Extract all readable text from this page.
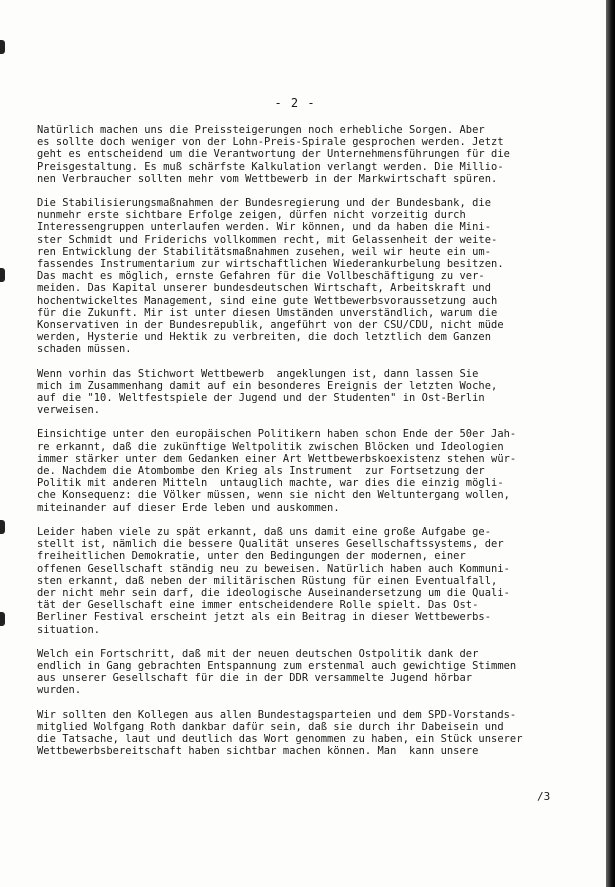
- 2 -
Natürlich machen uns die Preissteigerungen noch erhebliche Sorgen. Aber
es sollte doch weniger von der Lohn-Preis-Spirale gesprochen werden. Jetzt
geht es entscheidend um die Verantwortung der Unternehmensführungen für die
Preisgestaltung. Es muß schärfste Kalkulation verlangt werden. Die Millio-
nen Verbraucher sollten mehr vom Wettbewerb in der Markwirtschaft spüren.
Die Stabilisierungsmaßnahmen der Bundesregierung und der Bundesbank, die
nunmehr erste sichtbare Erfolge zeigen, dürfen nicht vorzeitig durch
Interessengruppen unterlaufen werden. Wir können, und da haben die Mini-
ster Schmidt und Friderichs vollkommen recht, mit Gelassenheit der weite-
ren Entwicklung der Stabilitätsmaßnahmen zusehen, weil wir heute ein um-
fassendes Instrumentarium zur wirtschaftlichen Wiederankurbelung besitzen.
Das macht es möglich, ernste Gefahren für die Vollbeschäftigung zu ver-
meiden. Das Kapital unserer bundesdeutschen Wirtschaft, Arbeitskraft und
hochentwickeltes Management, sind eine gute Wettbewerbsvoraussetzung auch
für die Zukunft. Mir ist unter diesen Umständen unverständlich, warum die
Konservativen in der Bundesrepublik, angeführt von der CSU/CDU, nicht müde
werden, Hysterie und Hektik zu verbreiten, die doch letztlich dem Ganzen
schaden müssen.
Wenn vorhin das Stichwort Wettbewerb  angeklungen ist, dann lassen Sie
mich im Zusammenhang damit auf ein besonderes Ereignis der letzten Woche,
auf die "10. Weltfestspiele der Jugend und der Studenten" in Ost-Berlin
verweisen.
Einsichtige unter den europäischen Politikern haben schon Ende der 50er Jah-
re erkannt, daß die zukünftige Weltpolitik zwischen Blöcken und Ideologien
immer stärker unter dem Gedanken einer Art Wettbewerbskoexistenz stehen wür-
de. Nachdem die Atombombe den Krieg als Instrument  zur Fortsetzung der
Politik mit anderen Mitteln  untauglich machte, war dies die einzig mögli-
che Konsequenz: die Völker müssen, wenn sie nicht den Weltuntergang wollen,
miteinander auf dieser Erde leben und auskommen.
Leider haben viele zu spät erkannt, daß uns damit eine große Aufgabe ge-
stellt ist, nämlich die bessere Qualität unseres Gesellschaftssystems, der
freiheitlichen Demokratie, unter den Bedingungen der modernen, einer
offenen Gesellschaft ständig neu zu beweisen. Natürlich haben auch Kommuni-
sten erkannt, daß neben der militärischen Rüstung für einen Eventualfall,
der nicht mehr sein darf, die ideologische Auseinandersetzung um die Quali-
tät der Gesellschaft eine immer entscheidendere Rolle spielt. Das Ost-
Berliner Festival erscheint jetzt als ein Beitrag in dieser Wettbewerbs-
situation.
Welch ein Fortschritt, daß mit der neuen deutschen Ostpolitik dank der
endlich in Gang gebrachten Entspannung zum erstenmal auch gewichtige Stimmen
aus unserer Gesellschaft für die in der DDR versammelte Jugend hörbar
wurden.
Wir sollten den Kollegen aus allen Bundestagsparteien und dem SPD-Vorstands-
mitglied Wolfgang Roth dankbar dafür sein, daß sie durch ihr Dabeisein und
die Tatsache, laut und deutlich das Wort genommen zu haben, ein Stück unserer
Wettbewerbsbereitschaft haben sichtbar machen können. Man  kann unsere
/3
